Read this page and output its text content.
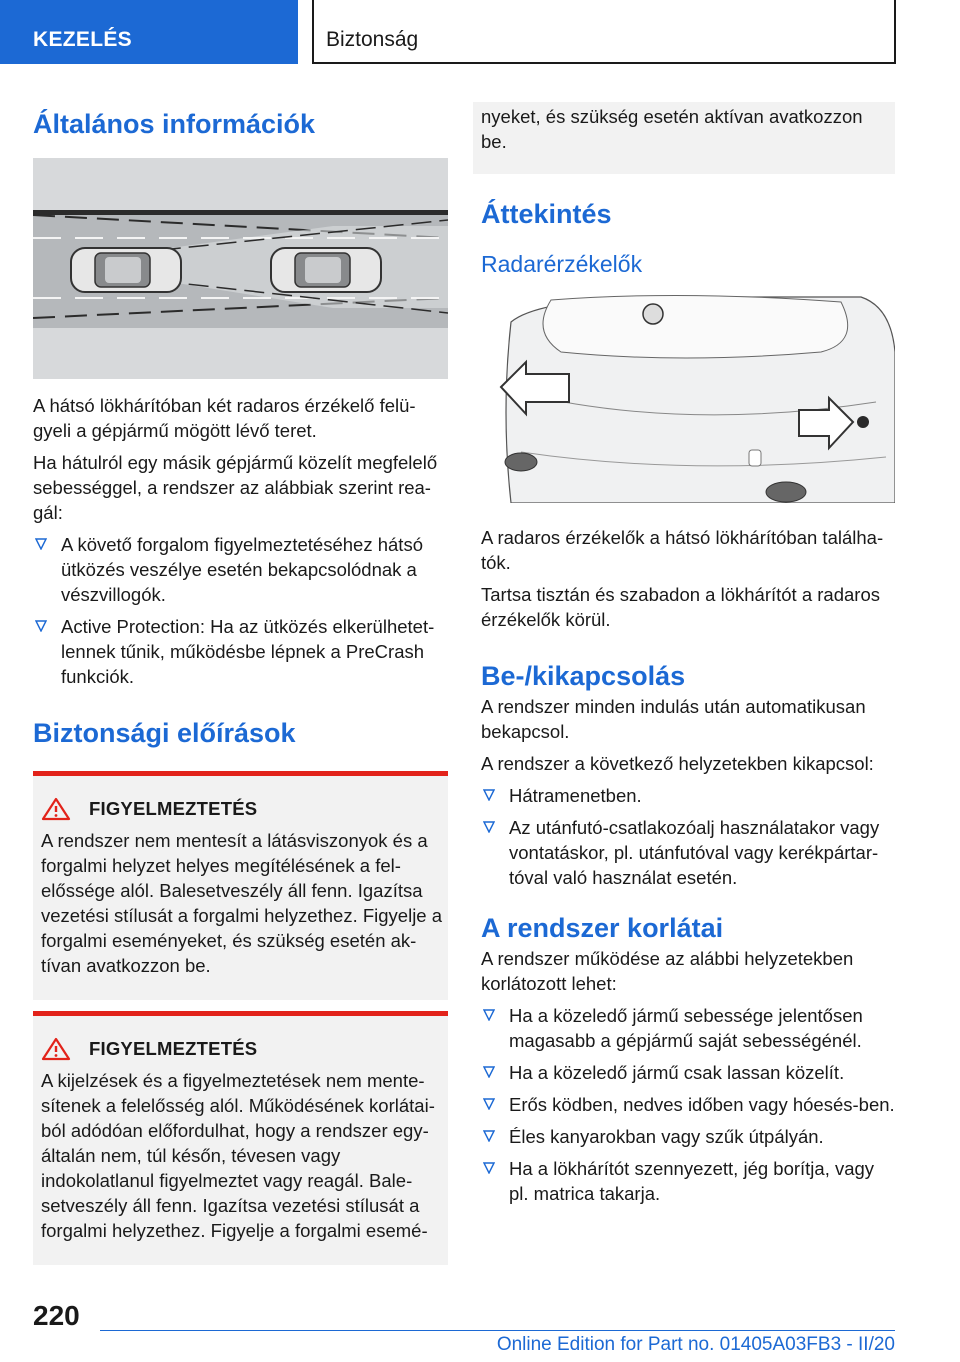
KEZELÉS	Biztonság
Általános információk

A hátsó lökhárítóban két radaros érzékelő felü-gyeli a gépjármű mögött lévő teret.

Ha hátulról egy másik gépjármű közelít megfelelő sebességgel, a rendszer az alábbiak szerint rea-gál:

A követő forgalom figyelmeztetéséhez hátsó ütközés veszélye esetén bekapcsolódnak a vészvillogók.
Active Protection: Ha az ütközés elkerülhetet-lennek tűnik, működésbe lépnek a PreCrash funkciók.
Biztonsági előírások
FIGYELMEZTETÉS

A rendszer nem mentesít a látásviszonyok és a forgalmi helyzet helyes megítélésének a fel-előssége alól. Balesetveszély áll fenn. Igazítsa vezetési stílusát a forgalmi helyzethez. Figyelje a forgalmi eseményeket, és szükség esetén ak-tívan avatkozzon be.

FIGYELMEZTETÉS

A kijelzések és a figyelmeztetések nem mente-sítenek a felelősség alól. Működésének korlátai-ból adódóan előfordulhat, hogy a rendszer egy-általán nem, túl későn, tévesen vagy indokolatlanul figyelmeztet vagy reagál. Bale-setveszély áll fenn. Igazítsa vezetési stílusát a forgalmi helyzethez. Figyelje a forgalmi esemé-

nyeket, és szükség esetén aktívan avatkozzon be.

Áttekintés
Radarérzékelők

A radaros érzékelők a hátsó lökhárítóban találha-tók.

Tartsa tisztán és szabadon a lökhárítót a radaros érzékelők körül.

Be-/kikapcsolás

A rendszer minden indulás után automatikusan bekapcsol.

A rendszer a következő helyzetekben kikapcsol:

Hátramenetben.
Az utánfutó-csatlakozóalj használatakor vagy vontatáskor, pl. utánfutóval vagy kerékpártar-tóval való használat esetén.
A rendszer korlátai

A rendszer működése az alábbi helyzetekben korlátozott lehet:

Ha a közeledő jármű sebessége jelentősen magasabb a gépjármű saját sebességénél.
Ha a közeledő jármű csak lassan közelít.
Erős ködben, nedves időben vagy hóesés-ben.
Éles kanyarokban vagy szűk útpályán.
Ha a lökhárítót szennyezett, jég borítja, vagy pl. matrica takarja.
220
Online Edition for Part no. 01405A03FB3 - II/20
